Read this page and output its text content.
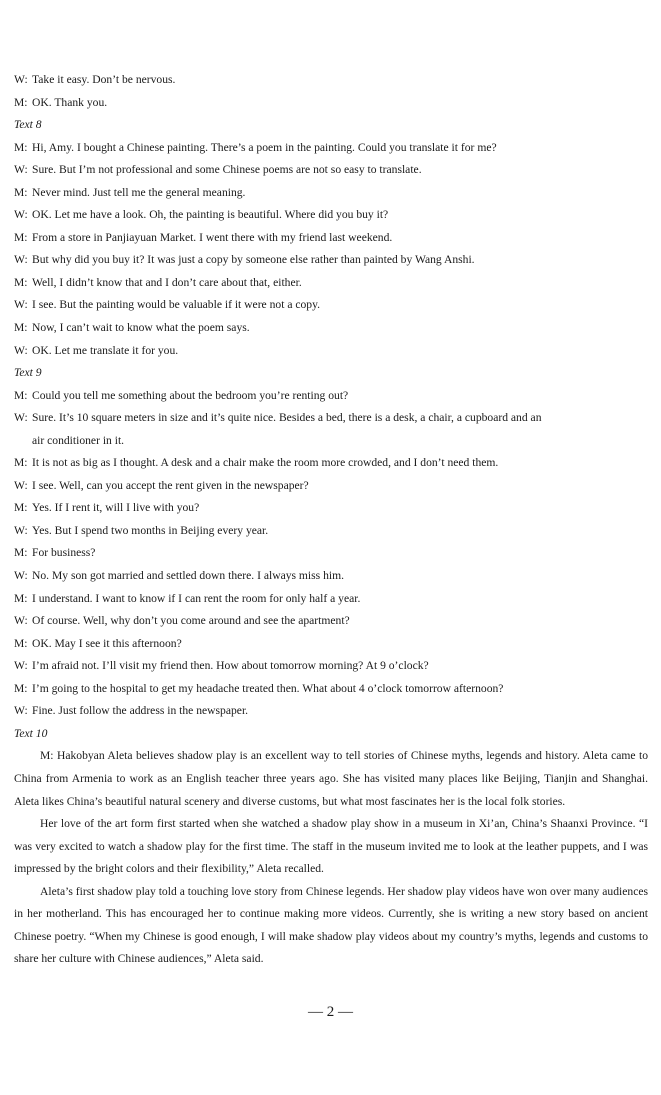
W: Take it easy. Don’t be nervous.
M: OK. Thank you.
Text 8
M: Hi, Amy. I bought a Chinese painting. There’s a poem in the painting. Could you translate it for me?
W: Sure. But I’m not professional and some Chinese poems are not so easy to translate.
M: Never mind. Just tell me the general meaning.
W: OK. Let me have a look. Oh, the painting is beautiful. Where did you buy it?
M: From a store in Panjiayuan Market. I went there with my friend last weekend.
W: But why did you buy it? It was just a copy by someone else rather than painted by Wang Anshi.
M: Well, I didn’t know that and I don’t care about that, either.
W: I see. But the painting would be valuable if it were not a copy.
M: Now, I can’t wait to know what the poem says.
W: OK. Let me translate it for you.
Text 9
M: Could you tell me something about the bedroom you’re renting out?
W: Sure. It’s 10 square meters in size and it’s quite nice. Besides a bed, there is a desk, a chair, a cupboard and an
air conditioner in it.
M: It is not as big as I thought. A desk and a chair make the room more crowded, and I don’t need them.
W: I see. Well, can you accept the rent given in the newspaper?
M: Yes. If I rent it, will I live with you?
W: Yes. But I spend two months in Beijing every year.
M: For business?
W: No. My son got married and settled down there. I always miss him.
M: I understand. I want to know if I can rent the room for only half a year.
W: Of course. Well, why don’t you come around and see the apartment?
M: OK. May I see it this afternoon?
W: I’m afraid not. I’ll visit my friend then. How about tomorrow morning? At 9 o’clock?
M: I’m going to the hospital to get my headache treated then. What about 4 o’clock tomorrow afternoon?
W: Fine. Just follow the address in the newspaper.
Text 10
M: Hakobyan Aleta believes shadow play is an excellent way to tell stories of Chinese myths, legends and history. Aleta came to China from Armenia to work as an English teacher three years ago. She has visited many places like Beijing, Tianjin and Shanghai. Aleta likes China’s beautiful natural scenery and diverse customs, but what most fascinates her is the local folk stories.
Her love of the art form first started when she watched a shadow play show in a museum in Xi’an, China’s Shaanxi Province. “I was very excited to watch a shadow play for the first time. The staff in the museum invited me to look at the leather puppets, and I was impressed by the bright colors and their flexibility,” Aleta recalled.
Aleta’s first shadow play told a touching love story from Chinese legends. Her shadow play videos have won over many audiences in her motherland. This has encouraged her to continue making more videos. Currently, she is writing a new story based on ancient Chinese poetry. “When my Chinese is good enough, I will make shadow play videos about my country’s myths, legends and customs to share her culture with Chinese audiences,” Aleta said.
— 2 —
